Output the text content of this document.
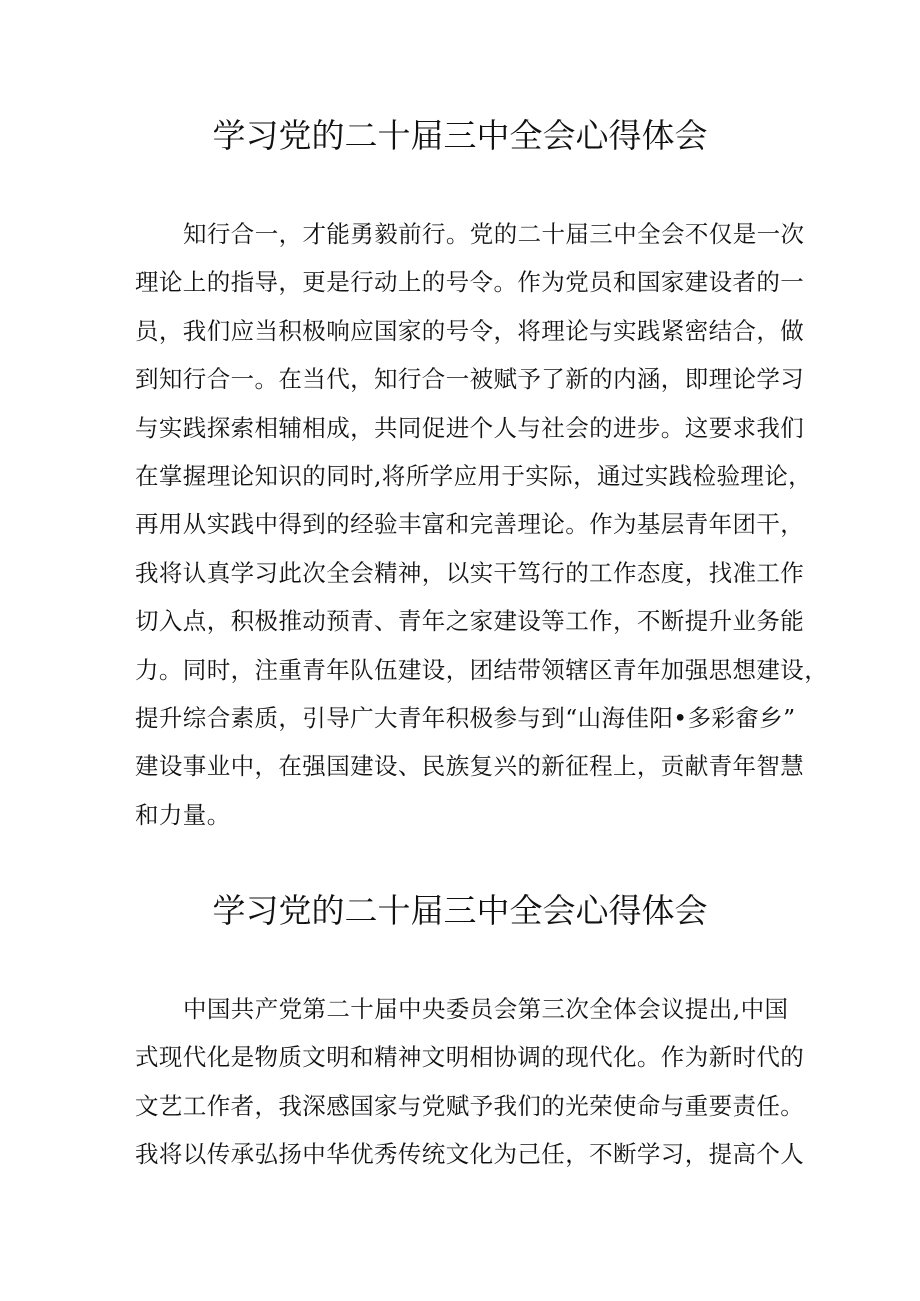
学习党的二十届三中全会心得体会
知行合一，才能勇毅前行。党的二十届三中全会不仅是一次
理论上的指导，更是行动上的号令。作为党员和国家建设者的一
员，我们应当积极响应国家的号令，将理论与实践紧密结合，做
到知行合一。在当代，知行合一被赋予了新的内涵，即理论学习
与实践探索相辅相成，共同促进个人与社会的进步。这要求我们
在掌握理论知识的同时,将所学应用于实际，通过实践检验理论，
再用从实践中得到的经验丰富和完善理论。作为基层青年团干，
我将认真学习此次全会精神，以实干笃行的工作态度，找准工作
切入点，积极推动预青、青年之家建设等工作，不断提升业务能
力。同时，注重青年队伍建设，团结带领辖区青年加强思想建设，
提升综合素质，引导广大青年积极参与到“山海佳阳•多彩畲乡”
建设事业中，在强国建设、民族复兴的新征程上，贡献青年智慧
和力量。
学习党的二十届三中全会心得体会
中国共产党第二十届中央委员会第三次全体会议提出,中国
式现代化是物质文明和精神文明相协调的现代化。作为新时代的
文艺工作者，我深感国家与党赋予我们的光荣使命与重要责任。
我将以传承弘扬中华优秀传统文化为己任，不断学习，提高个人
